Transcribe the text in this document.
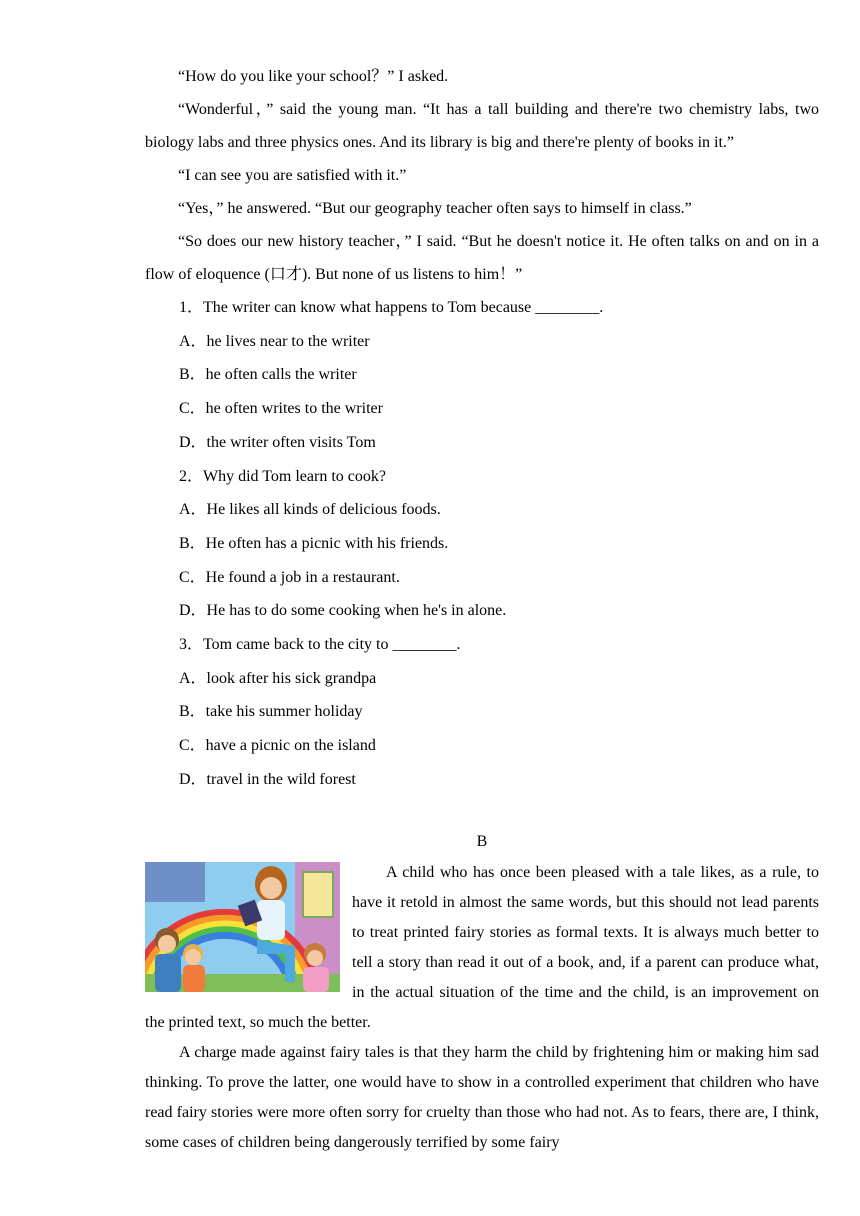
“How do you like your school？” I asked.

“Wonderful，” said the young man. “It has a tall building and there're two chemistry labs, two biology labs and three physics ones. And its library is big and there're plenty of books in it.”

“I can see you are satisfied with it.”

“Yes，” he answered. “But our geography teacher often says to himself in class.”

“So does our new history teacher，” I said. “But he doesn't notice it. He often talks on and on in a flow of eloquence (口才). But none of us listens to him！”

1．The writer can know what happens to Tom because ________.

A．he lives near to the writer

B．he often calls the writer

C．he often writes to the writer

D．the writer often visits Tom

2．Why did Tom learn to cook?

A．He likes all kinds of delicious foods.

B．He often has a picnic with his friends.

C．He found a job in a restaurant.

D．He has to do some cooking when he's in alone.

3．Tom came back to the city to ________.

A．look after his sick grandpa

B．take his summer holiday

C．have a picnic on the island

D．travel in the wild forest

B

A child who has once been pleased with a tale likes, as a rule, to have it retold in almost the same words, but this should not lead parents to treat printed fairy stories as formal texts. It is always much better to tell a story than read it out of a book, and, if a parent can produce what, in the actual situation of the time and the child, is an improvement on the printed text, so much the better.

A charge made against fairy tales is that they harm the child by frightening him or making him sad thinking. To prove the latter, one would have to show in a controlled experiment that children who have read fairy stories were more often sorry for cruelty than those who had not. As to fears, there are, I think, some cases of children being dangerously terrified by some fairy
